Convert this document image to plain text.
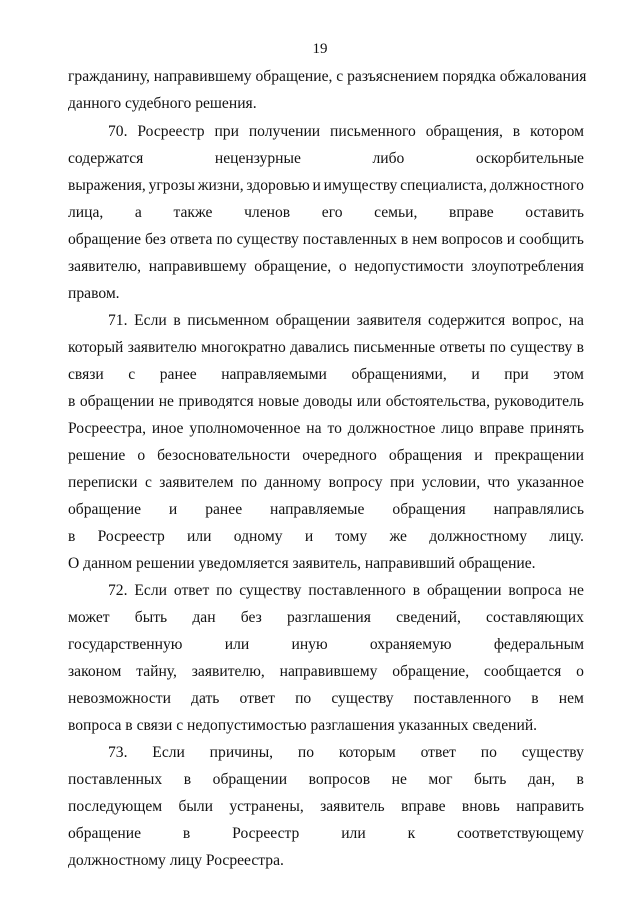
19
гражданину, направившему обращение, с разъяснением порядка обжалования
данного судебного решения.
70. Росреестр при получении письменного обращения, в котором
содержатся	нецензурные	либо	оскорбительные
выражения, угрозы жизни, здоровью и имуществу специалиста, должностного
лица, а также членов его семьи, вправе оставить
обращение без ответа по существу поставленных в нем вопросов и сообщить
заявителю, направившему обращение, о недопустимости злоупотребления
правом.
71. Если в письменном обращении заявителя содержится вопрос, на
который заявителю многократно давались письменные ответы по существу в
связи с ранее направляемыми обращениями, и при этом
в обращении не приводятся новые доводы или обстоятельства, руководитель
Росреестра, иное уполномоченное на то должностное лицо вправе принять
решение о безосновательности очередного обращения и прекращении
переписки с заявителем по данному вопросу при условии, что указанное
обращение и ранее направляемые обращения направлялись
в Росреестр или одному и тому же должностному лицу.
О данном решении уведомляется заявитель, направивший обращение.
72. Если ответ по существу поставленного в обращении вопроса не
может быть дан без разглашения сведений, составляющих
государственную	или	иную	охраняемую	федеральным
законом тайну, заявителю, направившему обращение, сообщается о
невозможности дать ответ по существу поставленного в нем
вопроса в связи с недопустимостью разглашения указанных сведений.
73. Если причины, по которым ответ по существу
поставленных в обращении вопросов не мог быть дан, в
последующем были устранены, заявитель вправе вновь направить
обращение	в	Росреестр	или	к	соответствующему
должностному лицу Росреестра.
